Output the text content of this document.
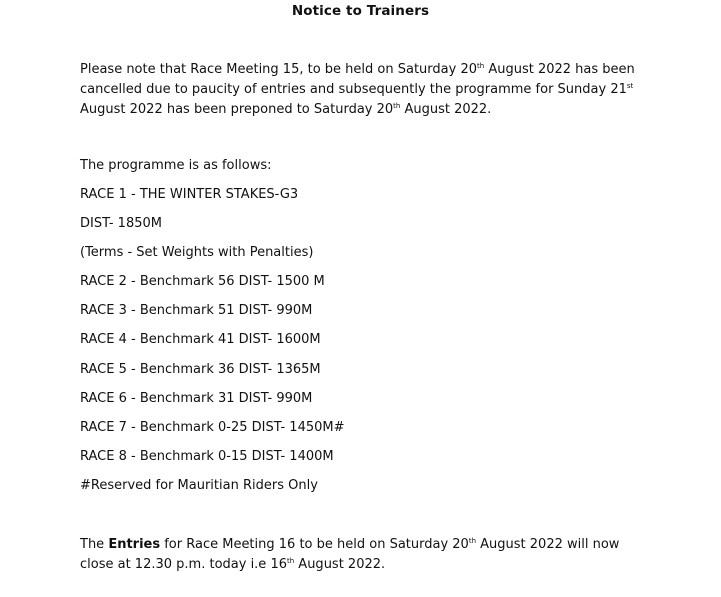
Notice to Trainers
Please note that Race Meeting 15, to be held on Saturday 20th August 2022 has been cancelled due to paucity of entries and subsequently the programme for Sunday 21st August 2022 has been preponed to Saturday 20th August 2022.
The programme is as follows:
RACE 1 - THE WINTER STAKES-G3
DIST- 1850M
(Terms - Set Weights with Penalties)
RACE 2 - Benchmark 56 DIST- 1500 M
RACE 3 - Benchmark 51 DIST- 990M
RACE 4 - Benchmark 41 DIST- 1600M
RACE 5 - Benchmark 36 DIST- 1365M
RACE 6 - Benchmark 31 DIST- 990M
RACE 7 - Benchmark 0-25 DIST- 1450M#
RACE 8 - Benchmark 0-15 DIST- 1400M
#Reserved for Mauritian Riders Only
The Entries for Race Meeting 16 to be held on Saturday 20th August 2022 will now close at 12.30 p.m. today i.e 16th August 2022.
